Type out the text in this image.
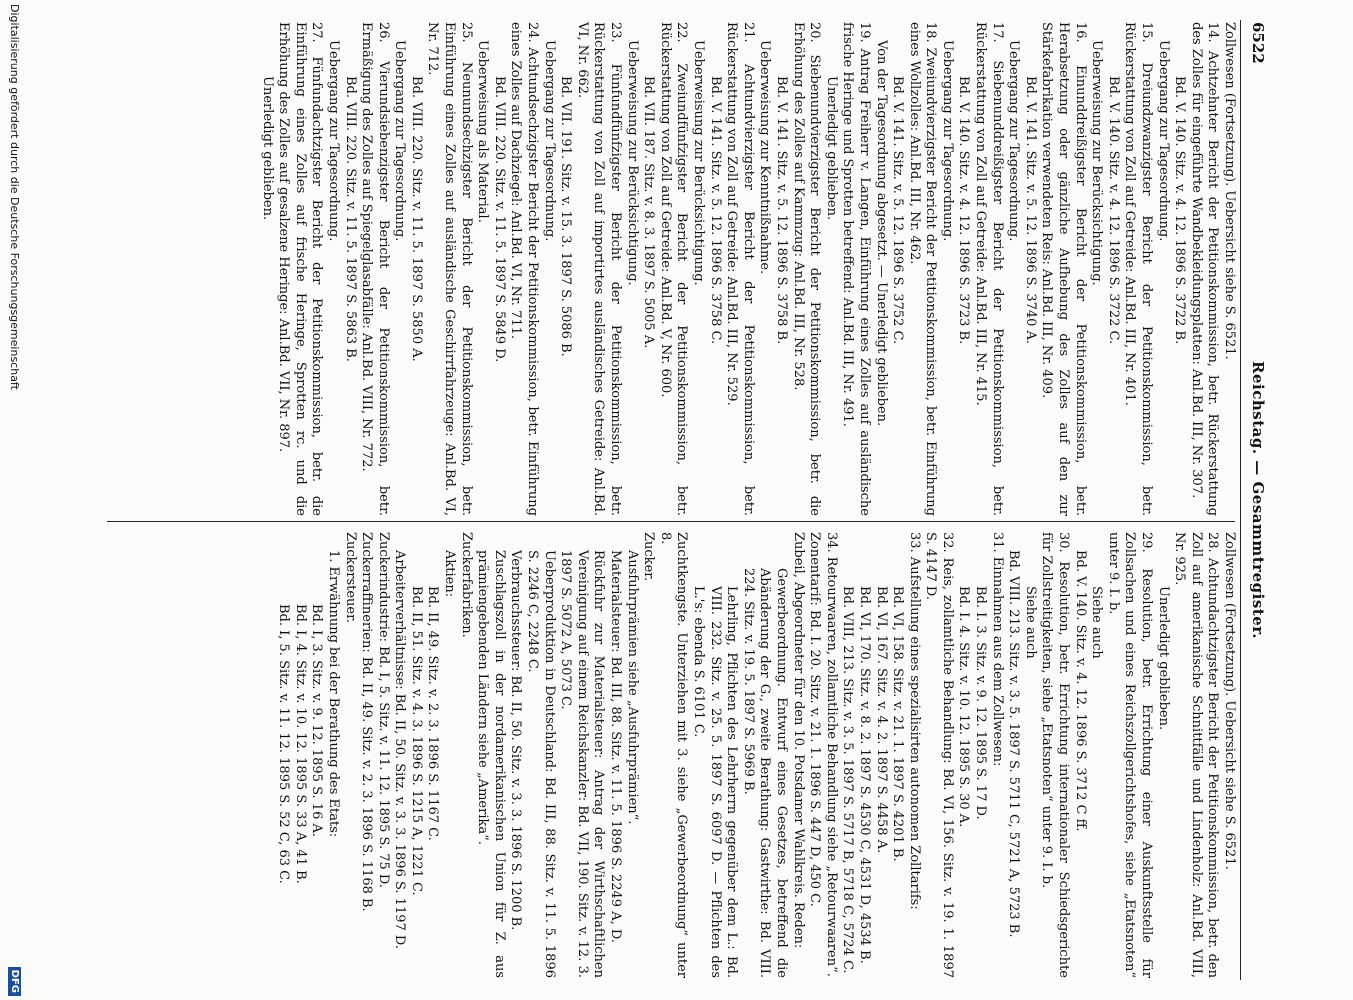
6522
Reichstag. — Gesammtregister.

Zollwesen (Fortsetzung). Uebersicht siehe S. 6521.

14. Achtzehnter Bericht der Petitionskommission, betr. Rückerstattung des Zolles für eingeführte Wandbekleidungsplatten: Anl.Bd. III, Nr. 307.

Bd. V. 140. Sitz. v. 4. 12. 1896 S. 3722 B.

Uebergang zur Tagesordnung.

15. Dreiundzwanzigster Bericht der Petitionskommission, betr. Rückerstattung von Zoll auf Getreide: Anl.Bd. III, Nr. 401.

Bd. V. 140. Sitz. v. 4. 12. 1896 S. 3722 C.

Ueberweisung zur Berücksichtigung.

16. Einunddreißigster Bericht der Petitionskommission, betr. Herabsetzung oder gänzliche Aufhebung des Zolles auf den zur Stärkefabrikation verwendeten Reis: Anl.Bd. III, Nr. 409.

Bd. V. 141. Sitz. v. 5. 12. 1896 S. 3740 A.

Uebergang zur Tagesordnung.

17. Siebenunddreißigster Bericht der Petitionskommission, betr. Rückerstattung von Zoll auf Getreide: Anl.Bd. III, Nr. 415.

Bd. V. 140. Sitz. v. 4. 12. 1896 S. 3723 B.

Uebergang zur Tagesordnung.

18. Zweiundvierzigster Bericht der Petitionskommission, betr. Einführung eines Wollzolles: Anl.Bd. III, Nr. 462.

Bd. V. 141. Sitz. v. 5. 12. 1896 S. 3752 C.

Von der Tagesordnung abgesetzt. — Unerledigt geblieben.

19. Antrag Freiherr v. Langen, Einführung eines Zolles auf ausländische frische Heringe und Sprotten betreffend: Anl.Bd. III, Nr. 491.

Unerledigt geblieben.

20. Siebenundvierzigster Bericht der Petitionskommission, betr. die Erhöhung des Zolles auf Kammzug: Anl.Bd. III, Nr. 528.

Bd. V. 141. Sitz. v. 5. 12. 1896 S. 3758 B.

Ueberweisung zur Kenntnißnahme.

21. Achtundvierzigster Bericht der Petitionskommission, betr. Rückerstattung von Zoll auf Getreide: Anl.Bd. III, Nr. 529.

Bd. V. 141. Sitz. v. 5. 12. 1896 S. 3758 C.

Ueberweisung zur Berücksichtigung.

22. Zweiundfünfzigster Bericht der Petitionskommission, betr. Rückerstattung von Zoll auf Getreide: Anl.Bd. V, Nr. 600.

Bd. VII. 187. Sitz. v. 8. 3. 1897 S. 5005 A.

Ueberweisung zur Berücksichtigung.

23. Fünfundfünfzigster Bericht der Petitionskommission, betr. Rückerstattung von Zoll auf importirtes ausländisches Getreide: Anl.Bd. VI, Nr. 662.

Bd. VII. 191. Sitz. v. 15. 3. 1897 S. 5086 B.

Uebergang zur Tagesordnung.

24. Achtundsechzigster Bericht der Petitionskommission, betr. Einführung eines Zolles auf Dachziegel: Anl.Bd. VI, Nr. 711.

Bd. VIII. 220. Sitz. v. 11. 5. 1897 S. 5849 D.

Ueberweisung als Material.

25. Neunundsechzigster Bericht der Petitionskommission, betr. Einführung eines Zolles auf ausländische Geschirrfahrzeuge: Anl.Bd. VI, Nr. 712.

Bd. VIII. 220. Sitz. v. 11. 5. 1897 S. 5850 A.

Uebergang zur Tagesordnung.

26. Vierundsiebenzigster Bericht der Petitionskommission, betr. Ermäßigung des Zolles auf Spiegelglasabfälle: Anl.Bd. VIII, Nr. 772.

Bd. VIII. 220. Sitz. v. 11. 5. 1897 S. 5863 B.

Uebergang zur Tagesordnung.

27. Fünfundachtzigster Bericht der Petitionskommission, betr. die Einführung eines Zolles auf frische Heringe, Sprotten rc. und die Erhöhung des Zolles auf gesalzene Heringe: Anl.Bd. VII, Nr. 897.

Unerledigt geblieben.

Zollwesen (Fortsetzung). Uebersicht siehe S. 6521.

28. Achtundachtzigster Bericht der Petitionskommission, betr. den Zoll auf amerikanische Schnittfälle und Lindenholz: Anl.Bd. VIII, Nr. 925.

Unerledigt geblieben.

29. Resolution, betr. Errichtung einer Auskunftsstelle für Zollsachen und eines Reichszollgerichtshofes, siehe „Etatsnoten“ unter 9. I. b.

Siehe auch

Bd. V. 140. Sitz. v. 4. 12. 1896 S. 3712 C ff.

30. Resolution, betr. Errichtung internationaler Schiedsgerichte für Zollstreitigkeiten, siehe „Etatsnoten“ unter 9. I. b.

Siehe auch

Bd. VIII. 213. Sitz. v. 3. 5. 1897 S. 5711 C, 5721 A, 5723 B.

31. Einnahmen aus dem Zollwesen:

Bd. I. 3. Sitz. v. 9. 12. 1895 S. 17 D.

Bd. I. 4. Sitz. v. 10. 12. 1895 S. 30 A.

32. Reis, zollamtliche Behandlung: Bd. VI, 156. Sitz. v. 19. 1. 1897 S. 4147 D.

33. Aufstellung eines spezialisirten autonomen Zolltarifs:

Bd. VI, 158. Sitz. v. 21. 1. 1897 S. 4201 B.

Bd. VI, 167. Sitz. v. 4. 2. 1897 S. 4458 A.

Bd. VI, 170. Sitz. v. 8. 2. 1897 S. 4530 C, 4531 D, 4534 B.

Bd. VIII, 213. Sitz. v. 3. 5. 1897 S. 5717 B, 5718 C, 5724 C.

34. Retourwaaren, zollamtliche Behandlung siehe „Retourwaaren“.

Zonentarif: Bd. I. 20. Sitz. v. 21. 1. 1896 S. 447 D, 450 C.

Zubeil, Abgeordneter für den 10. Potsdamer Wahlkreis. Reden:

Gewerbeordnung. Entwurf eines Gesetzes, betreffend die Abänderung der G., zweite Berathung: Gastwirthe: Bd. VIII. 224. Sitz. v. 19. 5. 1897 S. 5969 B.

Lehrling, Pflichten des Lehrherrn gegenüber dem L.: Bd. VIII. 232. Sitz. v. 25. 5. 1897 S. 6097 D. — Pflichten des L.'s: ebenda S. 6101 C.

Zuchtkengste. Unterziehen mit 3. siehe „Gewerbeordnung“ unter 8.

Zucker.

Ausfuhrprämien siehe „Ausfuhrprämien“.

Materialsteuer: Bd. III, 88. Sitz. v. 11. 5. 1896 S. 2249 A, D.

Rückfuhr zur Materialsteuer: Antrag der Wirthschaftlichen Vereinigung auf einem Reichskanzler: Bd. VII, 190. Sitz. v. 12. 3. 1897 S. 5072 A, 5073 C.

Ueberproduktion in Deutschland: Bd. III, 88. Sitz. v. 11. 5. 1896 S. 2246 C, 2248 C.

Verbrauchssteuer: Bd. II, 50. Sitz. v. 3. 3. 1896 S. 1200 B.

Zuschlagszoll in der nordamerikanischen Union für Z. aus prämiengebenden Ländern siehe „Amerika“.

Zuckerfabriken.

Aktien:

Bd. II, 49. Sitz. v. 2. 3. 1896 S. 1167 C.

Bd. II, 51. Sitz. v. 4. 3. 1896 S. 1215 A, 1221 C.

Arbeiterverhältnisse: Bd. II, 50. Sitz. v. 3. 3. 1896 S. 1197 D.

Zuckerindustrie: Bd. I, 5. Sitz. v. 11. 12. 1895 S. 75 D.

Zuckerraffinerien: Bd. II, 49. Sitz. v. 2. 3. 1896 S. 1168 B.

Zuckersteuer.

1. Erwähnung bei der Berathung des Etats:

Bd. I, 3. Sitz. v. 9. 12. 1895 S. 16 A.

Bd. I, 4. Sitz. v. 10. 12. 1895 S. 33 A, 41 B.

Bd. I, 5. Sitz. v. 11. 12. 1895 S. 52 C, 63 C.

Digitalisierung gefördert durch die Deutsche Forschungsgemeinschaft
DFG
